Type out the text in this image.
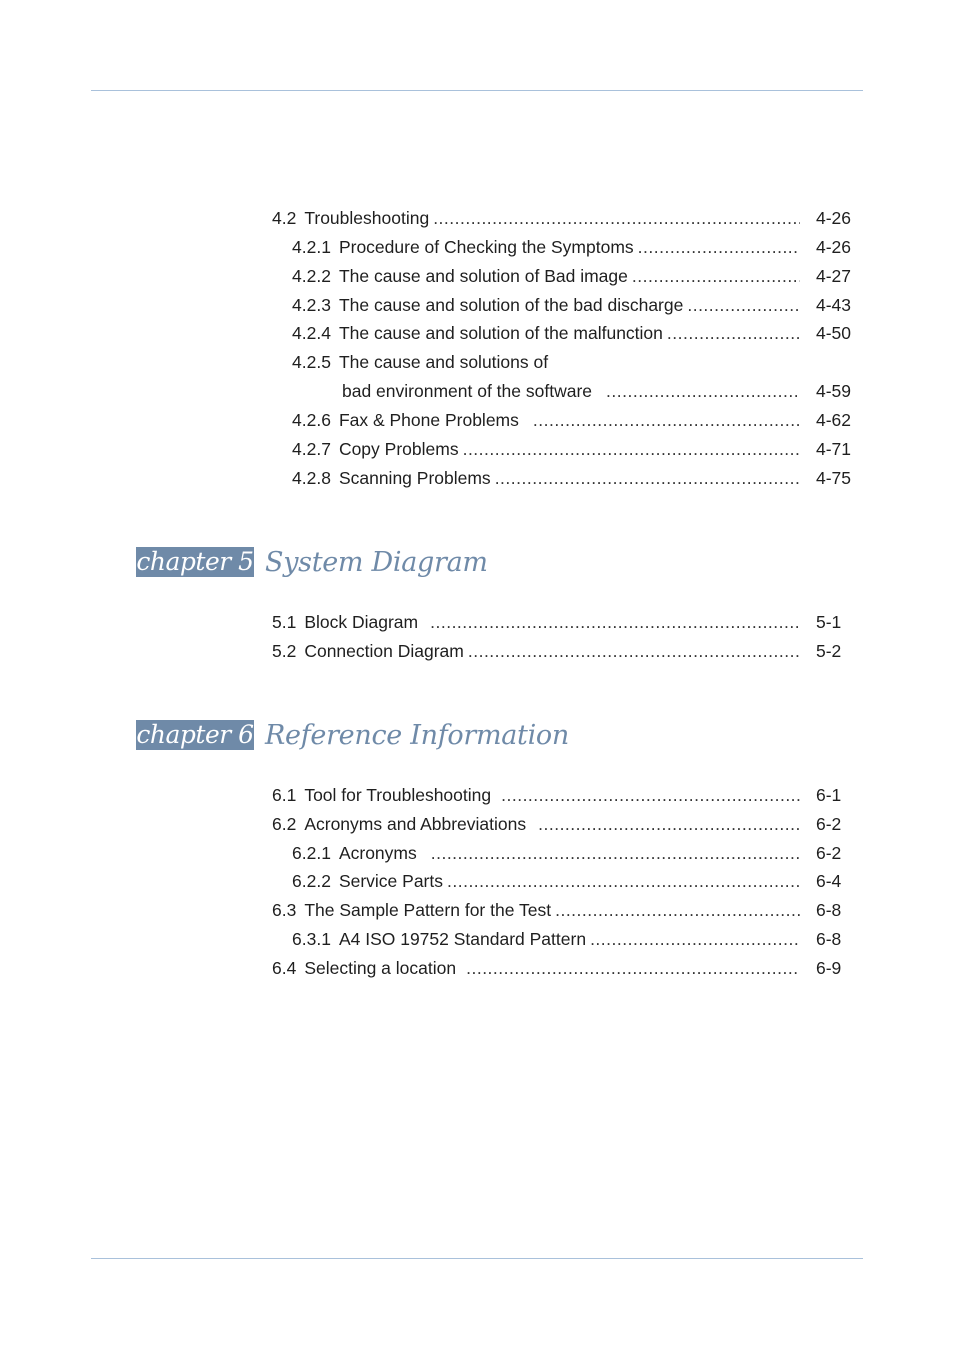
4.2 Troubleshooting .....	4-26
4.2.1 Procedure of Checking the Symptoms .....	4-26
4.2.2 The cause and solution of Bad image .....	4-27
4.2.3 The cause and solution of the bad discharge .....	4-43
4.2.4 The cause and solution of the malfunction .....	4-50
4.2.5 The cause and solutions of
bad environment of the software .....	4-59
4.2.6 Fax & Phone Problems .....	4-62
4.2.7 Copy Problems .....	4-71
4.2.8 Scanning Problems .....	4-75
chapter 5 System Diagram
5.1 Block Diagram .....	5-1
5.2 Connection Diagram .....	5-2
chapter 6 Reference Information
6.1 Tool for Troubleshooting .....	6-1
6.2 Acronyms and Abbreviations .....	6-2
6.2.1 Acronyms .....	6-2
6.2.2 Service Parts .....	6-4
6.3 The Sample Pattern for the Test .....	6-8
6.3.1 A4 ISO 19752 Standard Pattern .....	6-8
6.4 Selecting a location .....	6-9
